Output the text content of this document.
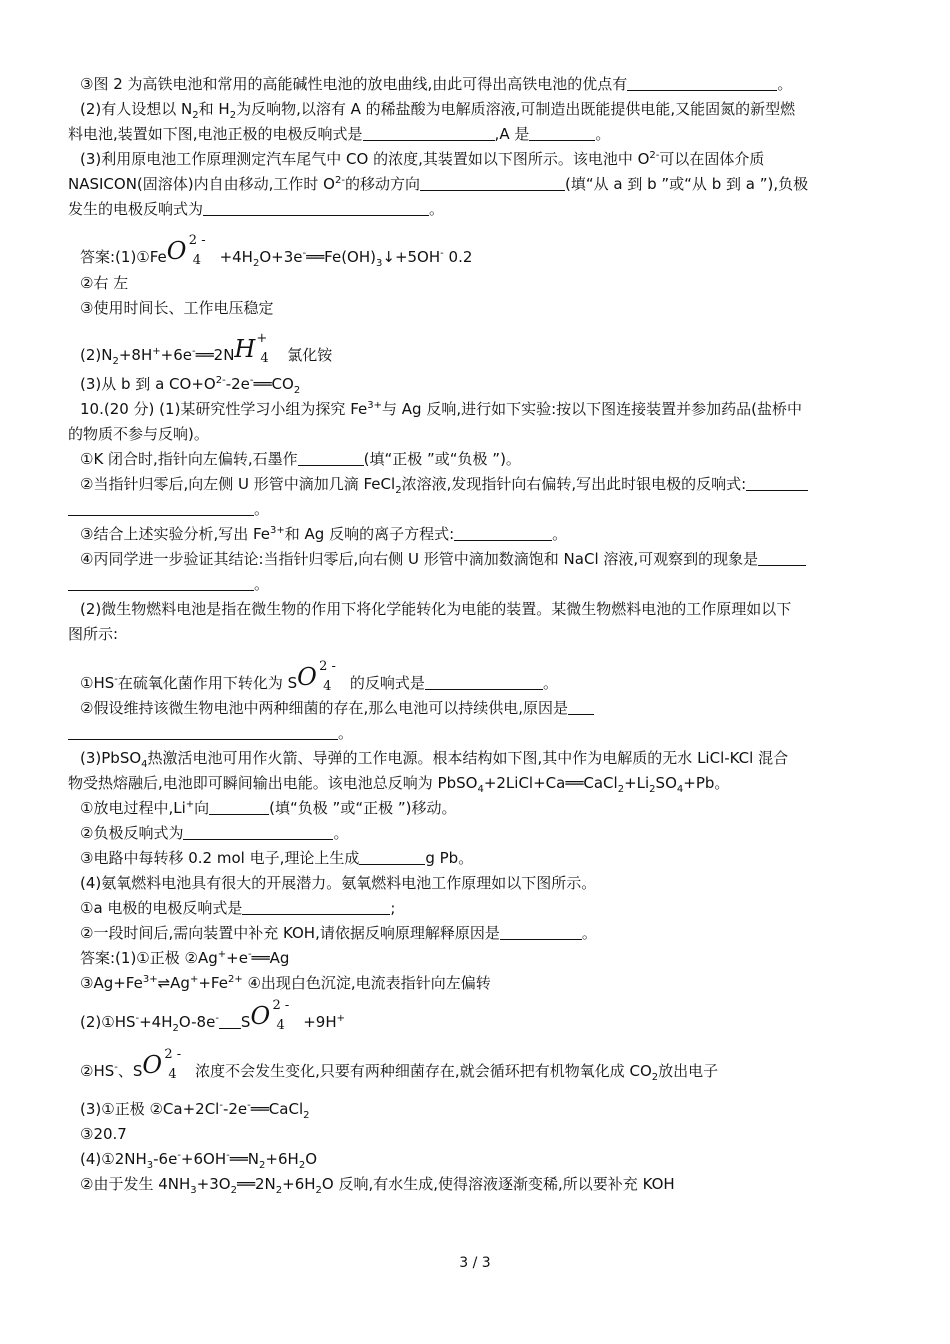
③图 2 为高铁电池和常用的高能碱性电池的放电曲线,由此可得出高铁电池的优点有	。
(2)有人设想以 $N_2$和 $H_2$为反响物,以溶有 A 的稀盐酸为电解质溶液,可制造出既能提供电能,又能固氮的新型燃
料电池,装置如下图,电池正极的电极反响式是	,A 是	。
(3)利用原电池工作原理测定汽车尾气中 CO 的浓度,其装置如以下图所示。该电池中 $O^{2-}$可以在固体介质
NASICON(固溶体)内自由移动,工作时 $O^{2-}$的移动方向	(填“从 a 到 b ”或“从 b 到 a ”),负极
发生的电极反响式为	。
答案:(1)①Fe O 2 -
$4 +4H_2O+3e^-══Fe(OH)_3↓+5OH^-$ 0.2
②右 左
③使用时间长、工作电压稳定
$(2)N_2+8H^++6e^-══2N$ H +
4 氯化铵
(3)从 b 到 a $CO+O^{2-}-2e^-══CO_2$
10.(20 分) (1)某研究性学习小组为探究 $Fe^{3+}$与 Ag 反响,进行如下实验:按以下图连接装置并参加药品(盐桥中
的物质不参与反响)。
①K 闭合时,指针向左偏转,石墨作	(填“正极 ”或“负极 ”)。
②当指针归零后,向左侧 U 形管中滴加几滴 FeCl$_2$浓溶液,发现指针向右偏转,写出此时银电极的反响式:
。
③结合上述实验分析,写出 $Fe^{3+}$和 Ag 反响的离子方程式:	。
④丙同学进一步验证其结论:当指针归零后,向右侧 U 形管中滴加数滴饱和 NaCl 溶液,可观察到的现象是
。
(2)微生物燃料电池是指在微生物的作用下将化学能转化为电能的装置。某微生物燃料电池的工作原理如以下
图所示:
①HS-在硫氧化菌作用下转化为 S O 2 -
4 的反响式是	。
②假设维持该微生物电池中两种细菌的存在,那么电池可以持续供电,原因是
。
(3)PbSO$_4$热激活电池可用作火箭、导弹的工作电源。根本结构如下图,其中作为电解质的无水 LiCl-KCl 混合
物受热熔融后,电池即可瞬间输出电能。该电池总反响为 $PbSO_4+2LiCl+Ca══CaCl_2+Li_2SO_4+Pb$。
①放电过程中,Li+向	(填“负极 ”或“正极 ”)移动。
②负极反响式为	。
③电路中每转移 0.2 mol 电子,理论上生成	g Pb。
(4)氨氧燃料电池具有很大的开展潜力。氨氧燃料电池工作原理如以下图所示。
①a 电极的电极反响式是	;
②一段时间后,需向装置中补充 KOH,请依据反响原理解释原因是	。
答案:(1)①正极 ②Ag++e-══Ag
$③Ag+Fe^{3+}\rightleftharpoons Ag^++Fe^{2+}$ ④出现白色沉淀,电流表指针向左偏转
$(2)①HS^-+4H_2O-8e^-$ S O 2 -
4 +9H+
②HS-、S O 2 -
4 浓度不会发生变化,只要有两种细菌存在,就会循环把有机物氧化成 $CO_2$放出电子
(3)①正极 ②Ca+2Cl--2e-══CaCl$_2$
③20.7
$(4)①2NH_3-6e^-+6OH^-══N_2+6H_2O$
②由于发生 $4NH_3+3O_2══2N_2+6H_2O$ 反响,有水生成,使得溶液逐渐变稀,所以要补充 KOH
3 / 3
